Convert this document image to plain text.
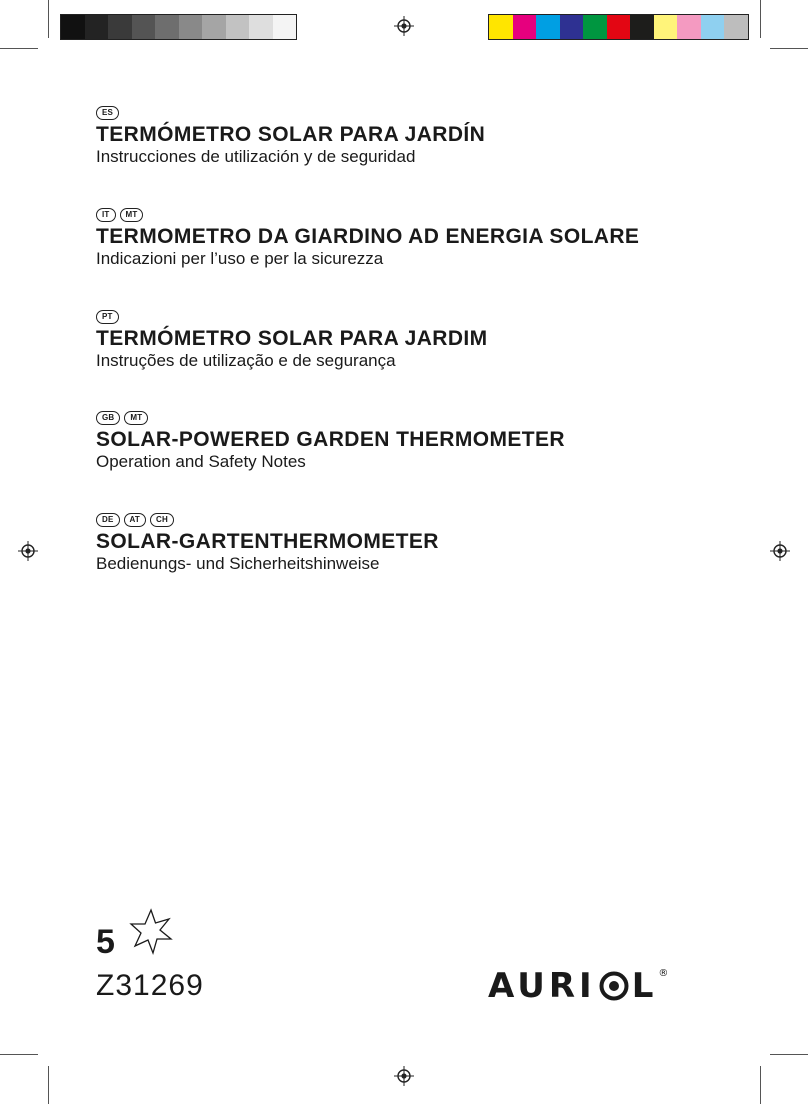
ES
TERMÓMETRO SOLAR PARA JARDÍN
Instrucciones de utilización y de seguridad
IT	MT
TERMOMETRO DA GIARDINO AD ENERGIA SOLARE
Indicazioni per l’uso e per la sicurezza
PT
TERMÓMETRO SOLAR PARA JARDIM
Instruções de utilização e de segurança
GB	MT
SOLAR-POWERED GARDEN THERMOMETER
Operation and Safety Notes
DE	AT	CH
SOLAR-GARTENTHERMOMETER
Bedienungs- und Sicherheitshinweise
5
Z31269	AURI L ®
